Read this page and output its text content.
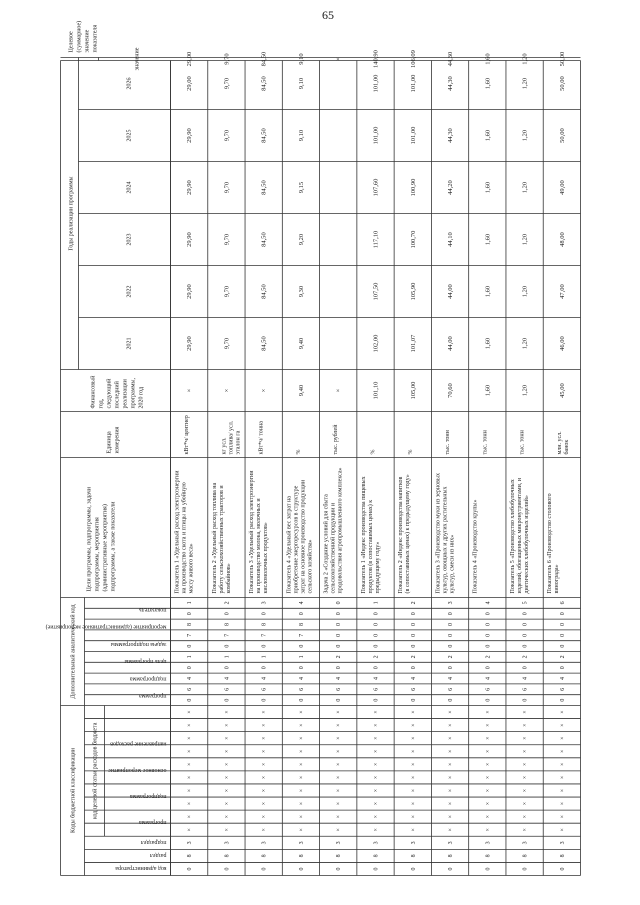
65
Коды бюджетной классификации
Дополнительный аналитический код
код целевой статьи расходов бюджета
Цели программы, подпрограммы, задачи подпрограммы, мероприятия (административные мероприятия) подпрограммы, а также показатели
Единица измерения
Финансовый год, следующий последний реализации программы, 2020 год
Годы реализации программы
Целевое (суммарное) значение показателя
значение
2021
2022
2023
2024
2025
2026
код администратора
раздел
подраздел
программа
подпрограмма
основное мероприятие
направление расходов
программа
подпрограмма
цель программы
задача подпрограммы
мероприятие (административное мероприятие)
показатель
0
8
3
×
×
×
×
×
×
×
×
×
×
0
6
4
0
1
0
7
8
0
1
Показатель 1 «Удельный расход электроэнергии на производство скота и птицы на убойную массу живого веса»
кВт*ч/ центнер
×
29,90
29,90
29,90
29,90
29,90
29,00
29,00
0
8
3
×
×
×
×
×
×
×
×
×
×
0
6
4
0
1
0
7
8
0
2
Показатель 2 «Удельный расход топлива на работу сельскохозяйственных тракторов и комбайнов»
кг усл. топлива/ усл. эталон га
×
9,70
9,70
9,70
9,70
9,70
9,70
9,70
0
8
3
×
×
×
×
×
×
×
×
×
×
0
6
4
0
1
0
7
8
0
3
Показатель 3 «Удельный расход электроэнергии на производство молока, молочных и кисломолочных продуктов»
кВт*ч/ тонна
×
84,50
84,50
84,50
84,50
84,50
84,50
84,50
0
8
3
×
×
×
×
×
×
×
×
×
×
0
6
4
0
1
0
7
8
0
4
Показатель 4 «Удельный вес затрат на приобретение энергоресурсов в структуре затрат на основное производство продукции сельского хозяйства»
%
9,40
9,40
9,30
9,20
9,15
9,10
9,10
9,10
0
8
3
×
×
×
×
×
×
×
×
×
×
0
6
4
0
2
0
0
0
0
0
Задача 2 «Создание условий для сбыта сельскохозяйственной продукции и продовольствия агропромышленного комплекса»
тыс. рублей
×
×
0
8
3
×
×
×
×
×
×
×
×
×
×
0
6
4
0
2
0
0
0
0
1
Показатель 1 «Индекс производства пищевых продуктов (в сопоставимых ценах) к предыдущему году»
%
101,10
102,00
107,50
117,10
107,60
101,00
101,00
140,90
0
8
3
×
×
×
×
×
×
×
×
×
×
0
6
4
0
2
0
0
0
0
2
Показатель 2 «Индекс производства напитков (в сопоставимых ценах) к предыдущему году»
%
105,00
101,07
105,90
100,70
100,90
101,00
101,00
106,09
0
8
3
×
×
×
×
×
×
×
×
×
×
0
6
4
0
2
0
0
0
0
3
Показатель 3 «Производство муки из зерновых культур, овощных и других растительных культур, смеси из них»
тыс. тонн
70,60
44,00
44,00
44,10
44,20
44,30
44,30
44,30
0
8
3
×
×
×
×
×
×
×
×
×
×
0
6
4
0
2
0
0
0
0
4
Показатель 4 «Производство крупы»
тыс. тонн
1,60
1,60
1,60
1,60
1,60
1,60
1,60
1,60
0
8
3
×
×
×
×
×
×
×
×
×
×
0
6
4
0
2
0
0
0
0
5
Показатель 5 «Производство хлебобулочных изделий, обогащенных микронутриентами, и диетических хлебобулочных изделий»
тыс. тонн
1,20
1,20
1,20
1,20
1,20
1,20
1,20
1,20
0
8
3
×
×
×
×
×
×
×
×
×
×
0
6
4
0
2
0
0
0
0
6
Показатель 6 «Производство столового винограда»
млн. усл. банок
45,00
46,00
47,00
48,00
49,00
50,00
50,00
50,00
